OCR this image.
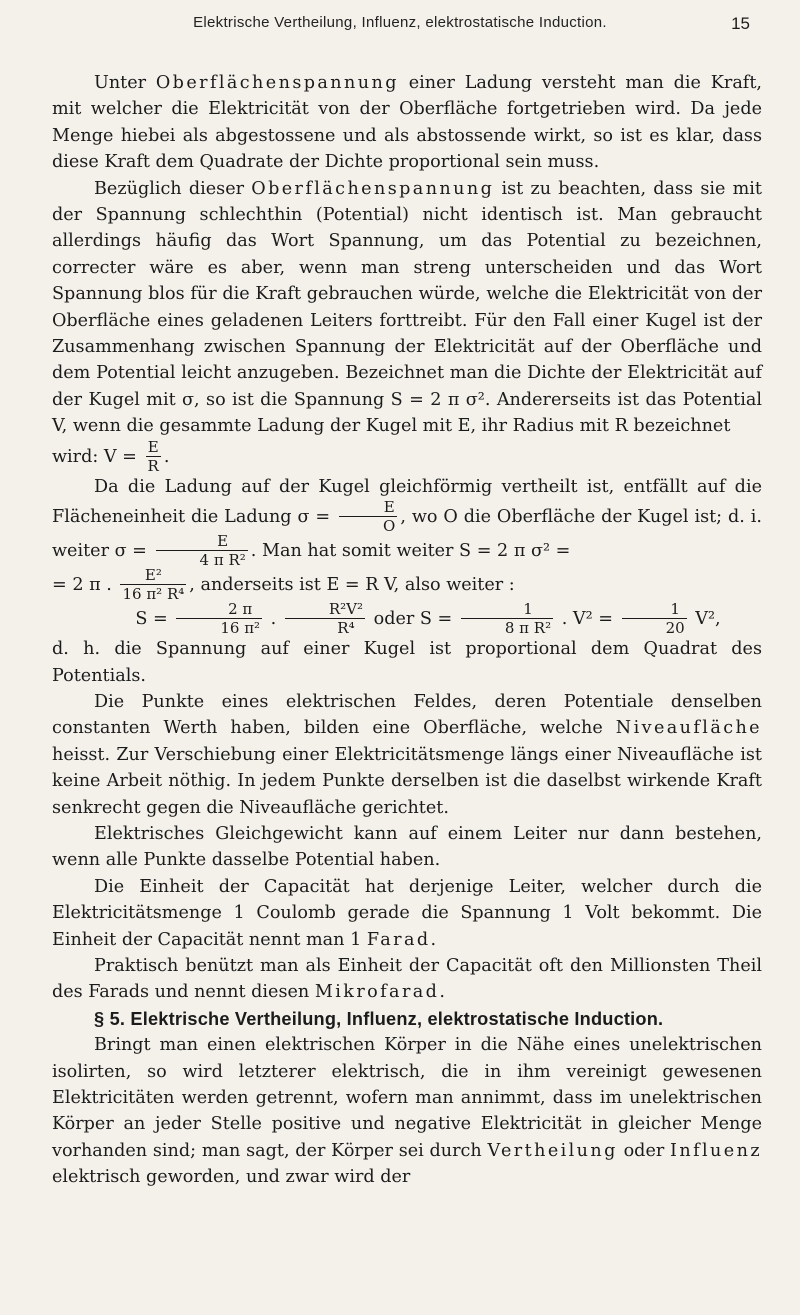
Elektrische Vertheilung, Influenz, elektrostatische Induction.	15

Unter Oberflächenspannung einer Ladung versteht man die Kraft, mit welcher die Elektricität von der Oberfläche fortgetrieben wird. Da jede Menge hiebei als abgestossene und als abstossende wirkt, so ist es klar, dass diese Kraft dem Quadrate der Dichte proportional sein muss.

Bezüglich dieser Oberflächenspannung ist zu beachten, dass sie mit der Spannung schlechthin (Potential) nicht identisch ist. Man gebraucht allerdings häufig das Wort Spannung, um das Potential zu bezeichnen, correcter wäre es aber, wenn man streng unterscheiden und das Wort Spannung blos für die Kraft gebrauchen würde, welche die Elektricität von der Oberfläche eines geladenen Leiters forttreibt. Für den Fall einer Kugel ist der Zusammenhang zwischen Spannung der Elektricität auf der Oberfläche und dem Potential leicht anzugeben. Bezeichnet man die Dichte der Elektricität auf der Kugel mit σ, so ist die Spannung S = 2 π σ². Andererseits ist das Potential V, wenn die gesammte Ladung der Kugel mit E, ihr Radius mit R bezeichnet

wird: $V = \frac{E}{R}$ .

Da die Ladung auf der Kugel gleichförmig vertheilt ist, entfällt auf die Flächeneinheit die Ladung $\sigma = \frac{E}{O}$ , wo O die Oberfläche der Kugel ist; d. i. weiter $\sigma = \frac{E}{\text{4 π R²}}$ . Man hat somit weiter S = 2 π σ² =

= 2 π . $\frac{\text{E²}}{\text{16 π² R⁴}}$ , anderseits ist E = R V, also weiter :

$S = \frac{2 \pi}{\text{16 π²}}$ . $\frac{\text{R²V²}}{\text{R⁴}}$ oder $S = \frac{1}{\text{8 π R²}}$ . $V^2 = \frac{1}{20} V^2$,

d. h. die Spannung auf einer Kugel ist proportional dem Quadrat des Potentials.

Die Punkte eines elektrischen Feldes, deren Potentiale denselben constanten Werth haben, bilden eine Oberfläche, welche Niveaufläche heisst. Zur Verschiebung einer Elektricitätsmenge längs einer Niveaufläche ist keine Arbeit nöthig. In jedem Punkte derselben ist die daselbst wirkende Kraft senkrecht gegen die Niveaufläche gerichtet.

Elektrisches Gleichgewicht kann auf einem Leiter nur dann bestehen, wenn alle Punkte dasselbe Potential haben.

Die Einheit der Capacität hat derjenige Leiter, welcher durch die Elektricitätsmenge 1 Coulomb gerade die Spannung 1 Volt bekommt. Die Einheit der Capacität nennt man 1 Farad.

Praktisch benützt man als Einheit der Capacität oft den Millionsten Theil des Farads und nennt diesen Mikrofarad.

§ 5. Elektrische Vertheilung, Influenz, elektrostatische Induction.

Bringt man einen elektrischen Körper in die Nähe eines unelektrischen isolirten, so wird letzterer elektrisch, die in ihm vereinigt gewesenen Elektricitäten werden getrennt, wofern man annimmt, dass im unelektrischen Körper an jeder Stelle positive und negative Elektricität in gleicher Menge vorhanden sind; man sagt, der Körper sei durch Vertheilung oder Influenz elektrisch geworden, und zwar wird der
